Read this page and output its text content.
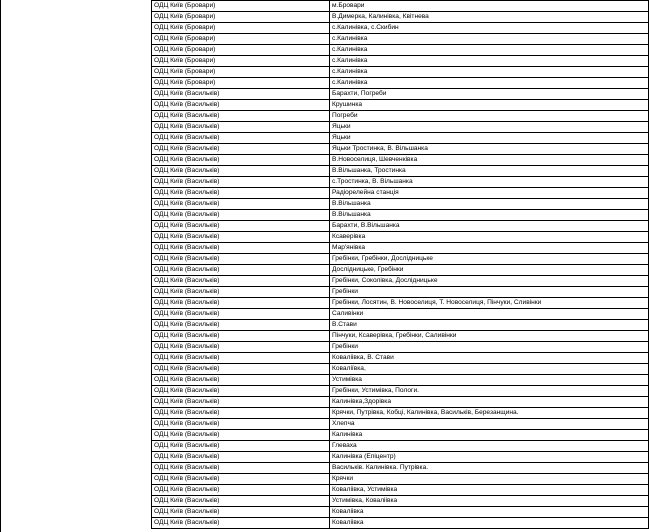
	ОДЦ Київ (Бровари)	м.Бровари
	ОДЦ Київ (Бровари)	В.Димерка, Калинівка, Квітнева
	ОДЦ Київ (Бровари)	с.Калинівка, с.Скибин
	ОДЦ Київ (Бровари)	с.Калинівка
	ОДЦ Київ (Бровари)	с.Калинівка
	ОДЦ Київ (Бровари)	с.Калинівка
	ОДЦ Київ (Бровари)	с.Калинівка
	ОДЦ Київ (Бровари)	с.Калинівка
	ОДЦ Київ (Васильків)	Барахти, Погреби
	ОДЦ Київ (Васильків)	Крушинка
	ОДЦ Київ (Васильків)	Погреби
	ОДЦ Київ (Васильків)	Яцьки
	ОДЦ Київ (Васильків)	Яцьки
	ОДЦ Київ (Васильків)	Яцьки Тростинка, В. Вільшанка
	ОДЦ Київ (Васильків)	В.Новоселиця, Шевченківка
	ОДЦ Київ (Васильків)	В.Вільшанка, Тростинка
	ОДЦ Київ (Васильків)	с.Тростинка, В. Вільшанка
	ОДЦ Київ (Васильків)	Радіорелейна станція
	ОДЦ Київ (Васильків)	В.Вільшанка
	ОДЦ Київ (Васильків)	В.Вільшанка
	ОДЦ Київ (Васильків)	Барахти, В.Вільшанка
	ОДЦ Київ (Васильків)	Ксаверівка
	ОДЦ Київ (Васильків)	Мар'янівка
	ОДЦ Київ (Васильків)	Гребінки, Гребінки, Дослідницьке
	ОДЦ Київ (Васильків)	Дослідницьке, Гребінки
	ОДЦ Київ (Васильків)	Гребінки, Соколівка, Дослідницьке
	ОДЦ Київ (Васильків)	Гребінки
	ОДЦ Київ (Васильків)	Гребінки, Лосятин, В. Новоселиця, Т. Новоселиця, Пінчуки, Сливінки
	ОДЦ Київ (Васильків)	Саливінки
	ОДЦ Київ (Васильків)	В.Стави
	ОДЦ Київ (Васильків)	Пінчуки, Ксаверівка, Гребінки, Саливінки
	ОДЦ Київ (Васильків)	Гребінки
	ОДЦ Київ (Васильків)	Коваліівка, В. Стави
	ОДЦ Київ (Васильків)	Коваліївка,
	ОДЦ Київ (Васильків)	Устимівка
	ОДЦ Київ (Васильків)	Гребінки, Устимівка, Пологи.
	ОДЦ Київ (Васильків)	Калинівка,Здорівка
	ОДЦ Київ (Васильків)	Крячки, Путрівка, Кобці, Калинівка, Васильків, Березанщина.
	ОДЦ Київ (Васильків)	Хлепча
	ОДЦ Київ (Васильків)	Калинівка
	ОДЦ Київ (Васильків)	Глеваха
	ОДЦ Київ (Васильків)	Калинівка (Епіцентр)
	ОДЦ Київ (Васильків)	Васильків. Калинівка. Путрівка.
	ОДЦ Київ (Васильків)	Крячки
	ОДЦ Київ (Васильків)	Коваліівка, Устимівка
	ОДЦ Київ (Васильків)	Устимівка, Коваліівка
	ОДЦ Київ (Васильків)	Коваліівка
	ОДЦ Київ (Васильків)	Коваліівка
